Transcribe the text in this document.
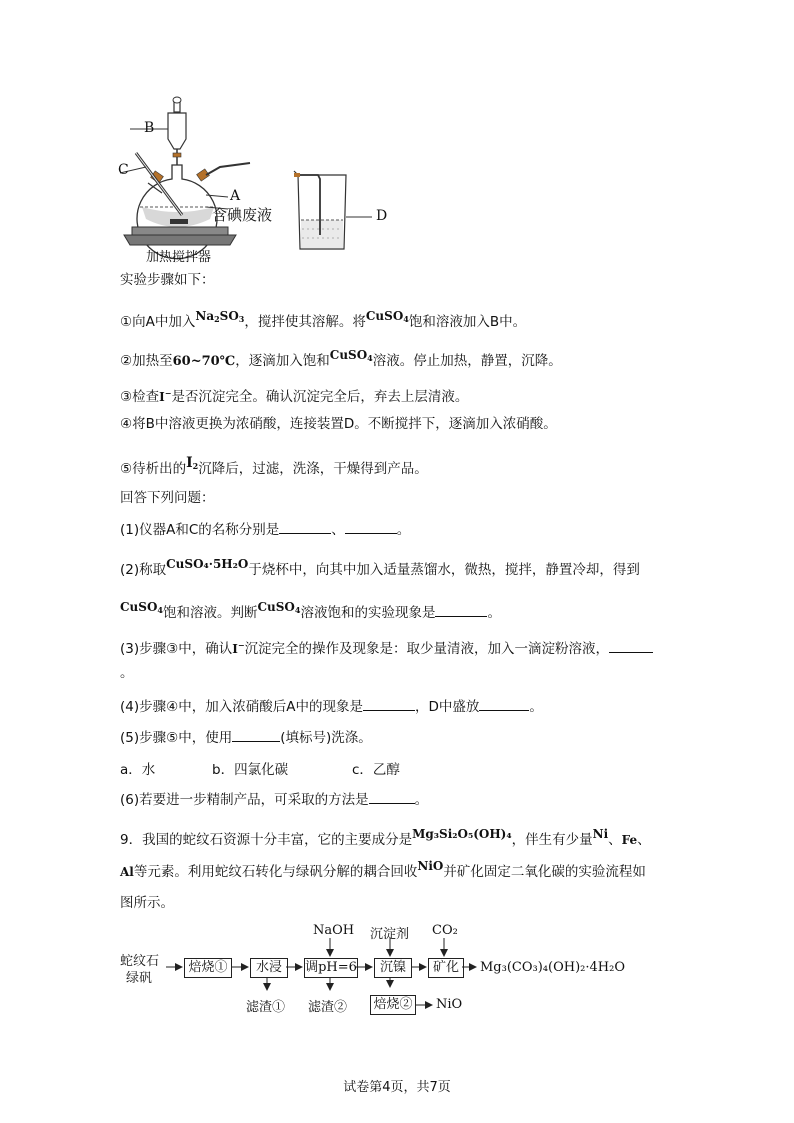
B
C
A
含碘废液	D
加热搅拌器
实验步骤如下：
①向A中加入$Na_2SO_3$，搅拌使其溶解。将CuSO$_4$饱和溶液加入B中。
②加热至60~70℃，逐滴加入饱和CuSO$_4$溶液。停止加热，静置，沉降。
③检查I−是否沉淀完全。确认沉淀完全后，弃去上层清液。
④将B中溶液更换为浓硝酸，连接装置D。不断搅拌下，逐滴加入浓硝酸。
⑤待析出的$I_2$沉降后，过滤，洗涤，干燥得到产品。
回答下列问题：
(1)仪器A和C的名称分别是	、	。
(2)称取CuSO₄·5H₂O于烧杯中，向其中加入适量蒸馏水，微热，搅拌，静置冷却，得到
CuSO$_4$饱和溶液。判断CuSO$_4$溶液饱和的实验现象是	。
(3)步骤③中，确认I−沉淀完全的操作及现象是：取少量清液，加入一滴淀粉溶液，
。
(4)步骤④中，加入浓硝酸后A中的现象是	，D中盛放	。
(5)步骤⑤中，使用	(填标号)洗涤。
a．水	b．四氯化碳	c．乙醇
(6)若要进一步精制产品，可采取的方法是	。
9．我国的蛇纹石资源十分丰富，它的主要成分是Mg₃Si₂O₅(OH)₄，伴生有少量Ni、Fe、
Al等元素。利用蛇纹石转化与绿矾分解的耦合回收NiO并矿化固定二氧化碳的实验流程如
图所示。
蛇纹石
绿矾
焙烧①	水浸	调pH=6	沉镍	矿化
焙烧②
NaOH 沉淀剂 CO₂
滤渣① 滤渣②
Mg₃(CO₃)₄(OH)₂·4H₂O
NiO
试卷第4页，共7页
